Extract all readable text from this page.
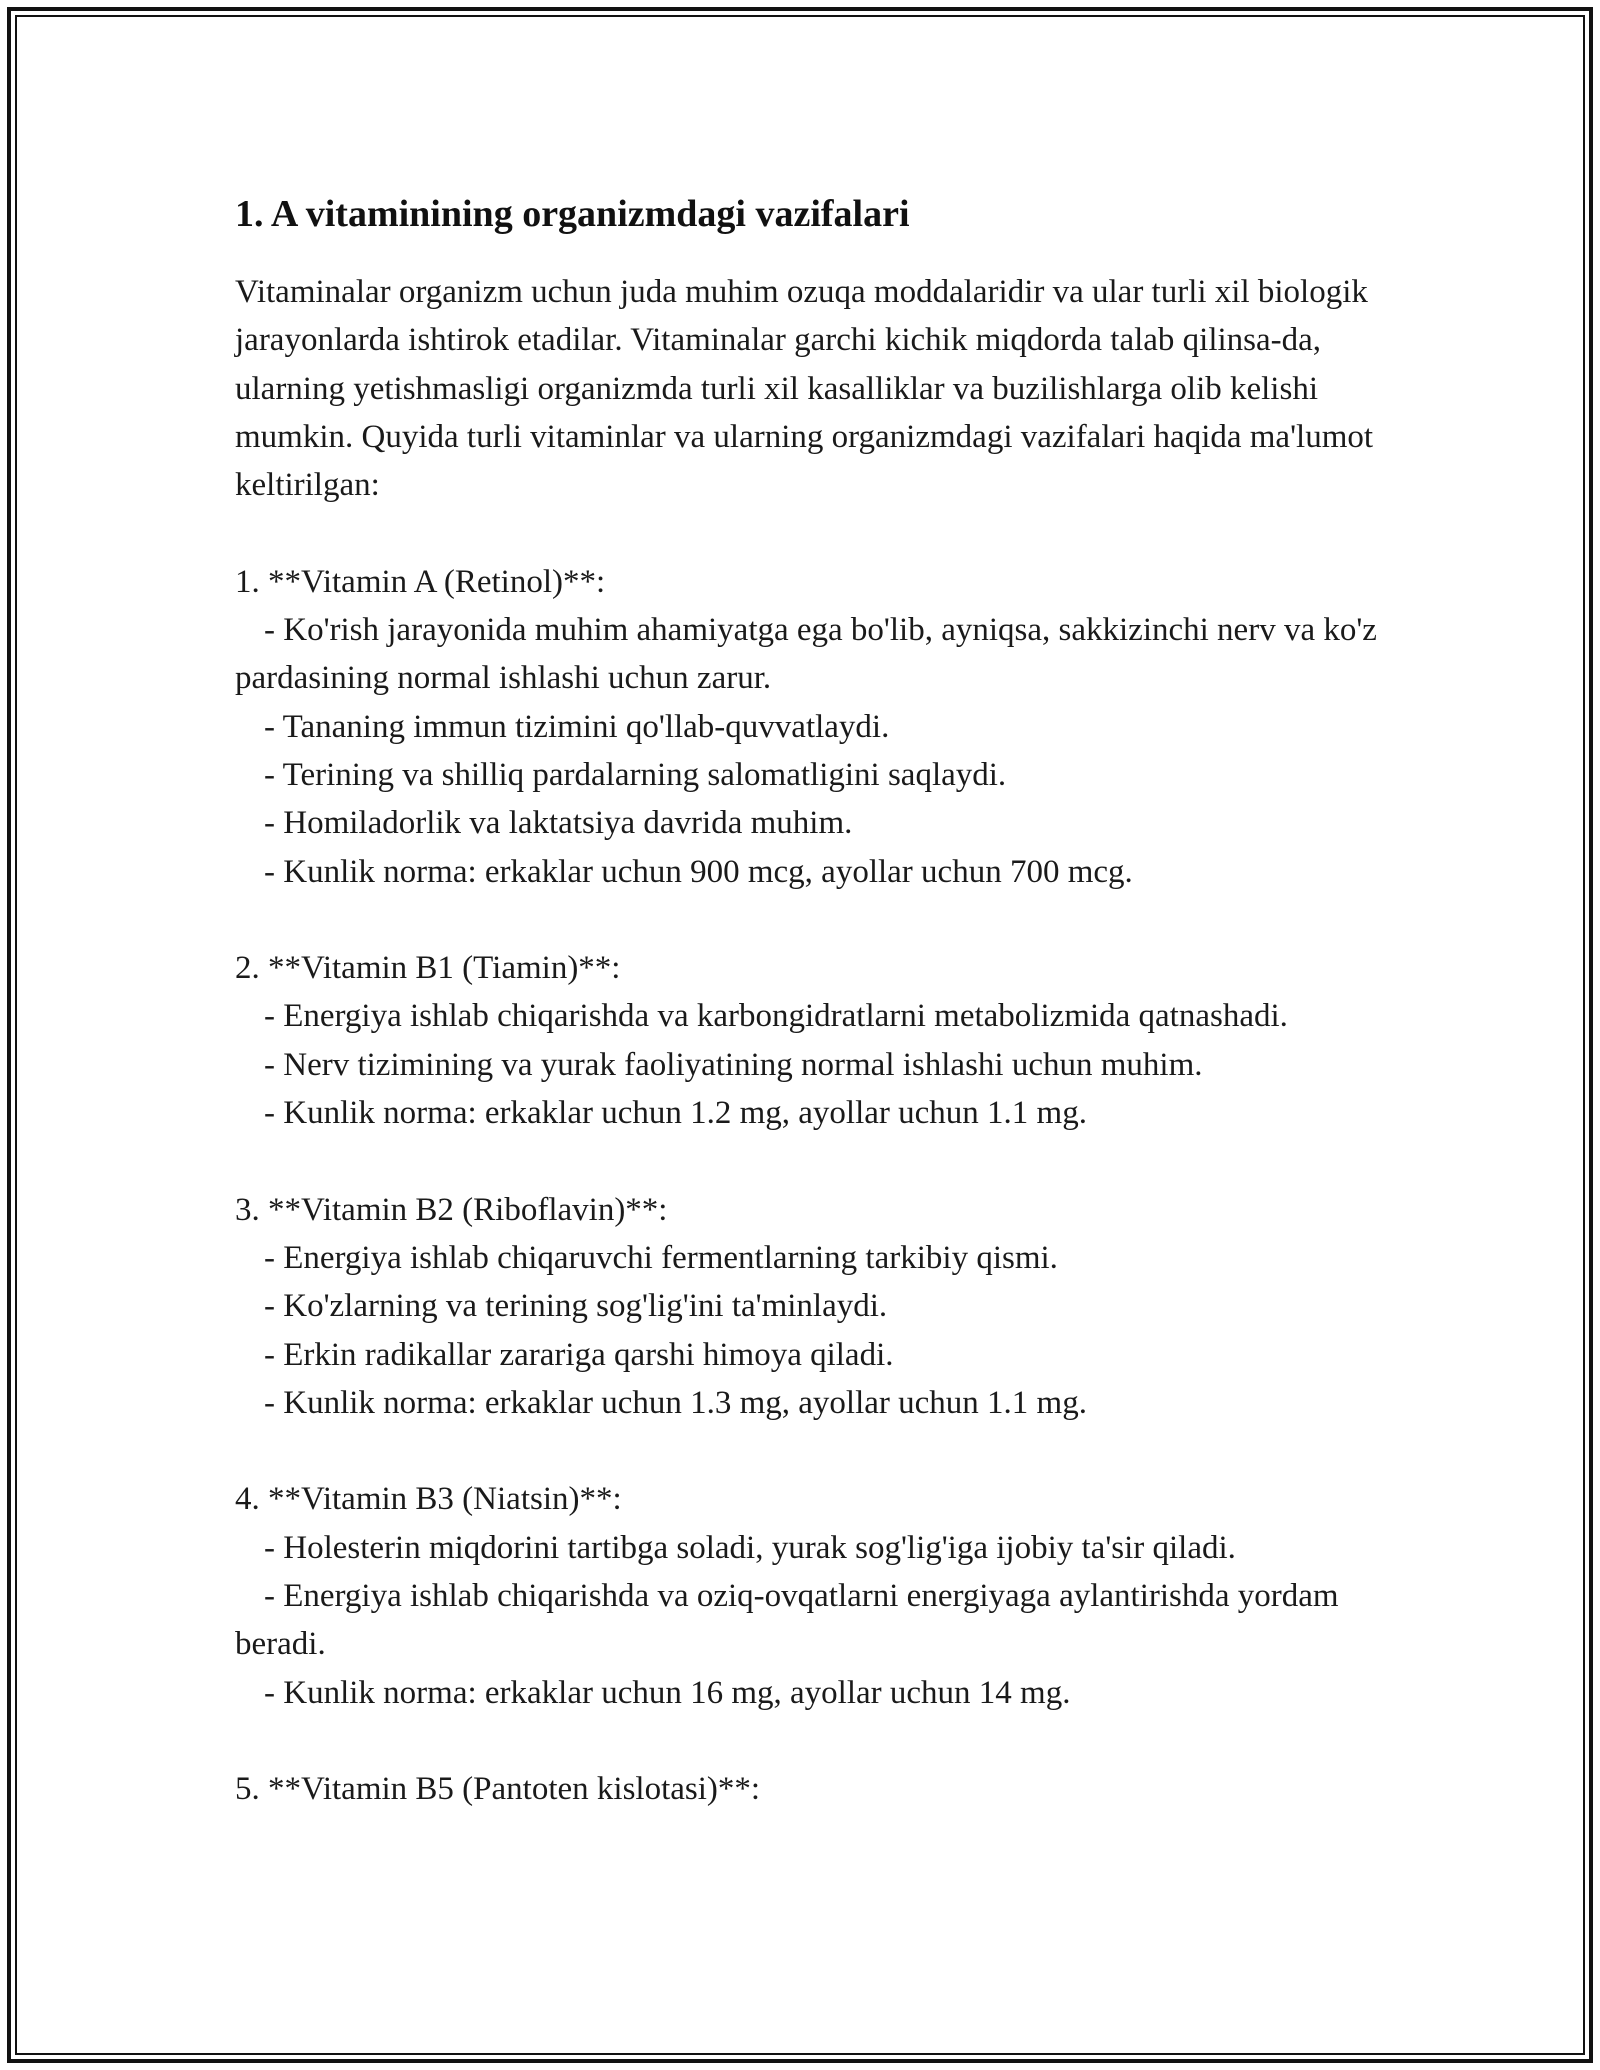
1. A vitaminining organizmdagi vazifalari

Vitaminalar organizm uchun juda muhim ozuqa moddalaridir va ular turli xil biologik jarayonlarda ishtirok etadilar. Vitaminalar garchi kichik miqdorda talab qilinsa-da, ularning yetishmasligi organizmda turli xil kasalliklar va buzilishlarga olib kelishi mumkin. Quyida turli vitaminlar va ularning organizmdagi vazifalari haqida ma'lumot keltirilgan:

1. **Vitamin A (Retinol)**:

- Ko'rish jarayonida muhim ahamiyatga ega bo'lib, ayniqsa, sakkizinchi nerv va ko'z pardasining normal ishlashi uchun zarur.

- Tananing immun tizimini qo'llab-quvvatlaydi.

- Terining va shilliq pardalarning salomatligini saqlaydi.

- Homiladorlik va laktatsiya davrida muhim.

- Kunlik norma: erkaklar uchun 900 mcg, ayollar uchun 700 mcg.

2. **Vitamin B1 (Tiamin)**:

- Energiya ishlab chiqarishda va karbongidratlarni metabolizmida qatnashadi.

- Nerv tizimining va yurak faoliyatining normal ishlashi uchun muhim.

- Kunlik norma: erkaklar uchun 1.2 mg, ayollar uchun 1.1 mg.

3. **Vitamin B2 (Riboflavin)**:

- Energiya ishlab chiqaruvchi fermentlarning tarkibiy qismi.

- Ko'zlarning va terining sog'lig'ini ta'minlaydi.

- Erkin radikallar zarariga qarshi himoya qiladi.

- Kunlik norma: erkaklar uchun 1.3 mg, ayollar uchun 1.1 mg.

4. **Vitamin B3 (Niatsin)**:

- Holesterin miqdorini tartibga soladi, yurak sog'lig'iga ijobiy ta'sir qiladi.

- Energiya ishlab chiqarishda va oziq-ovqatlarni energiyaga aylantirishda yordam beradi.

- Kunlik norma: erkaklar uchun 16 mg, ayollar uchun 14 mg.

5. **Vitamin B5 (Pantoten kislotasi)**:
